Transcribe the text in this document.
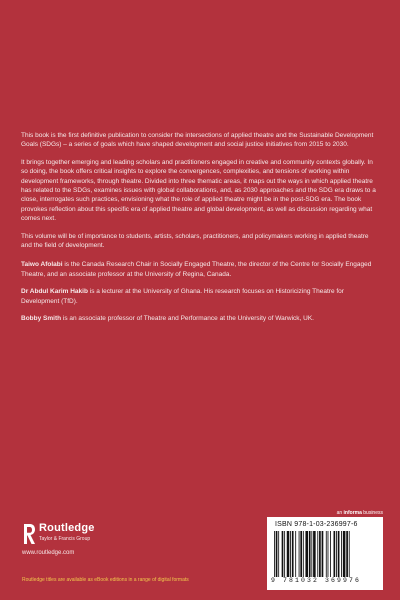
This book is the first definitive publication to consider the intersections of applied theatre and the Sustainable Development Goals (SDGs) – a series of goals which have shaped development and social justice initiatives from 2015 to 2030.

It brings together emerging and leading scholars and practitioners engaged in creative and community contexts globally. In so doing, the book offers critical insights to explore the convergences, complexities, and tensions of working within development frameworks, through theatre. Divided into three thematic areas, it maps out the ways in which applied theatre has related to the SDGs, examines issues with global collaborations, and, as 2030 approaches and the SDG era draws to a close, interrogates such practices, envisioning what the role of applied theatre might be in the post-SDG era. The book provokes reflection about this specific era of applied theatre and global development, as well as discussion regarding what comes next.

This volume will be of importance to students, artists, scholars, practitioners, and policymakers working in applied theatre and the field of development.

Taiwo Afolabi is the Canada Research Chair in Socially Engaged Theatre, the director of the Centre for Socially Engaged Theatre, and an associate professor at the University of Regina, Canada.

Dr Abdul Karim Hakib is a lecturer at the University of Ghana. His research focuses on Historicizing Theatre for Development (TfD).

Bobby Smith is an associate professor of Theatre and Performance at the University of Warwick, UK.

Routledge
Taylor & Francis Group
www.routledge.com
Routledge titles are available as eBook editions in a range of digital formats
an informa business
ISBN 978-1-03-236997-6
9 781032 369976
